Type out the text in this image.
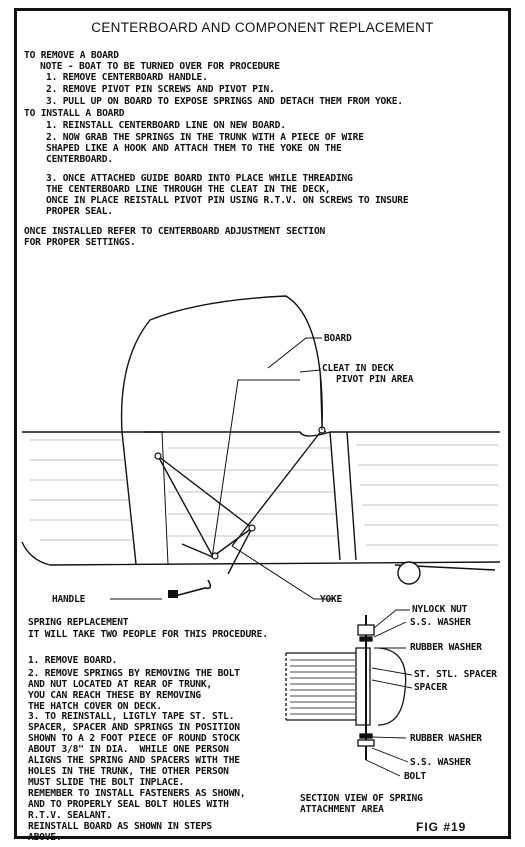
CENTERBOARD AND COMPONENT REPLACEMENT
TO REMOVE A BOARD
NOTE - BOAT TO BE TURNED OVER FOR PROCEDURE
1. REMOVE CENTERBOARD HANDLE.
2. REMOVE PIVOT PIN SCREWS AND PIVOT PIN.
3. PULL UP ON BOARD TO EXPOSE SPRINGS AND DETACH THEM FROM YOKE.
TO INSTALL A BOARD
1. REINSTALL CENTERBOARD LINE ON NEW BOARD.
2. NOW GRAB THE SPRINGS IN THE TRUNK WITH A PIECE OF WIRE
SHAPED LIKE A HOOK AND ATTACH THEM TO THE YOKE ON THE
CENTERBOARD.
3. ONCE ATTACHED GUIDE BOARD INTO PLACE WHILE THREADING
THE CENTERBOARD LINE THROUGH THE CLEAT IN THE DECK,
ONCE IN PLACE REISTALL PIVOT PIN USING R.T.V. ON SCREWS TO INSURE
PROPER SEAL.
ONCE INSTALLED REFER TO CENTERBOARD ADJUSTMENT SECTION
FOR PROPER SETTINGS.
BOARD
CLEAT IN DECK
PIVOT PIN AREA
HANDLE	YOKE
SPRING REPLACEMENT
IT WILL TAKE TWO PEOPLE FOR THIS PROCEDURE.
1. REMOVE BOARD.
2. REMOVE SPRINGS BY REMOVING THE BOLT
AND NUT LOCATED AT REAR OF TRUNK,
YOU CAN REACH THESE BY REMOVING
THE HATCH COVER ON DECK.
3. TO REINSTALL, LIGTLY TAPE ST. STL.
SPACER, SPACER AND SPRINGS IN POSITION
SHOWN TO A 2 FOOT PIECE OF ROUND STOCK
ABOUT 3/8" IN DIA.  WHILE ONE PERSON
ALIGNS THE SPRING AND SPACERS WITH THE
HOLES IN THE TRUNK, THE OTHER PERSON
MUST SLIDE THE BOLT INPLACE.
REMEMBER TO INSTALL FASTENERS AS SHOWN,
AND TO PROPERLY SEAL BOLT HOLES WITH
R.T.V. SEALANT.
REINSTALL BOARD AS SHOWN IN STEPS
ABOVE.
NYLOCK NUT
S.S. WASHER
RUBBER WASHER
ST. STL. SPACER
SPACER
RUBBER WASHER
S.S. WASHER
BOLT
SECTION VIEW OF SPRING
ATTACHMENT AREA
FIG #19
